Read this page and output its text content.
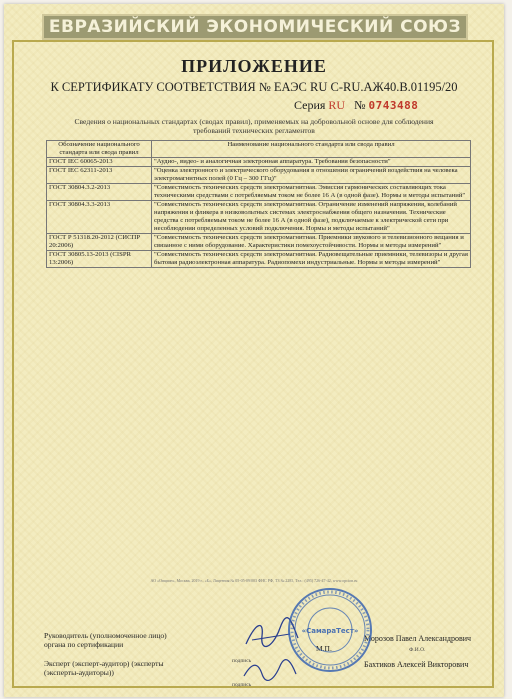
ЕВРАЗИЙСКИЙ ЭКОНОМИЧЕСКИЙ СОЮЗ
ПРИЛОЖЕНИЕ
К СЕРТИФИКАТУ СООТВЕТСТВИЯ № ЕАЭС RU C-RU.АЖ40.В.01195/20
Серия RU № 0743488
Сведения о национальных стандартах (сводах правил), применяемых на добровольной основе для соблюдения требований технических регламентов
Обозначение национального стандарта или свода правил	Наименование национального стандарта или свода правил
ГОСТ IEC 60065-2013	"Аудио-, видео- и аналогичная электронная аппаратура. Требования безопасности"
ГОСТ IEC 62311-2013	"Оценка электронного и электрического оборудования в отношении ограничений воздействия на человека электромагнитных полей (0 Гц – 300 ГГц)"
ГОСТ 30804.3.2-2013	"Совместимость технических средств электромагнитная. Эмиссия гармонических составляющих тока техническими средствами с потребляемым током не более 16 А (в одной фазе). Нормы и методы испытаний"
ГОСТ 30804.3.3-2013	"Совместимость технических средств электромагнитная. Ограничение изменений напряжения, колебаний напряжения и фликера в низковольтных системах электроснабжения общего назначения. Технические средства с потребляемым током не более 16 А (в одной фазе), подключаемые к электрической сети при несоблюдении определенных условий подключения. Нормы и методы испытаний"
ГОСТ Р 51318.20-2012 (СИСПР 20:2006)	"Совместимость технических средств электромагнитная. Приемники звукового и телевизионного вещания и связанное с ними оборудование. Характеристики помехоустойчивости. Нормы и методы измерений"
ГОСТ 30805.13-2013 (CISPR 13:2006)	"Совместимость технических средств электромагнитная. Радиовещательные приемники, телевизоры и другая бытовая радиоэлектронная аппаратура. Радиопомехи индустриальные. Нормы и методы измерений"
АО «Опцион», Москва, 2019 г., «Б», Лицензия № 05-05-09/003 ФНС РФ, ТЗ № 2285, Тел.: (495) 726-47-42, www.opcion.ru
Руководитель (уполномоченное лицо) органа по сертификации
подпись
Морозов Павел Александрович
Ф.И.О.
Эксперт (эксперт-аудитор) (эксперты (эксперты-аудиторы))
подпись
Бахтиков Алексей Викторович
М.П.
«СамараТест»
